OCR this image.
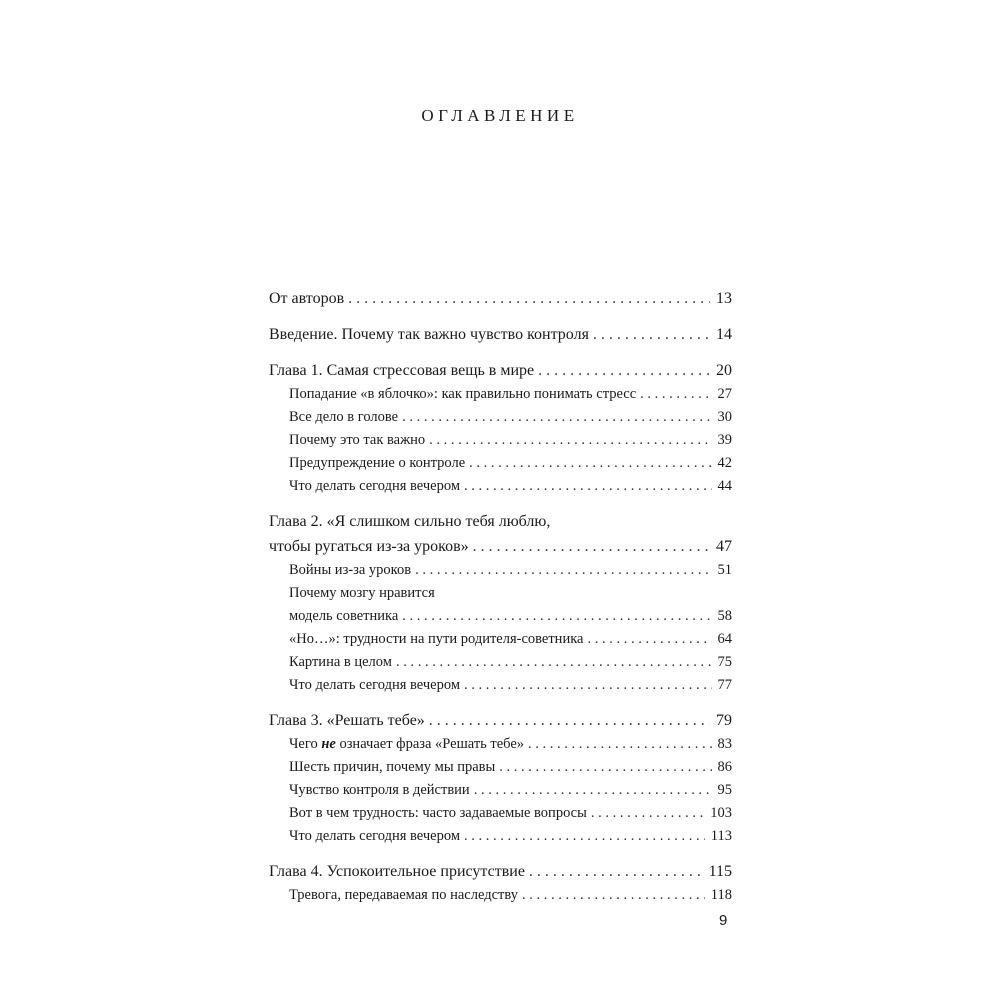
ОГЛАВЛЕНИЕ
От авторов . . .	13
Введение. Почему так важно чувство контроля . . .	14
Глава 1. Самая стрессовая вещь в мире . . .	20
Попадание «в яблочко»: как правильно понимать стресс . . .	27
Все дело в голове . . .	30
Почему это так важно . . .	39
Предупреждение о контроле . . .	42
Что делать сегодня вечером . . .	44
Глава 2. «Я слишком сильно тебя люблю,
чтобы ругаться из-за уроков» . . .	47
Войны из-за уроков . . .	51
Почему мозгу нравится
модель советника . . .	58
«Но…»: трудности на пути родителя-советника . . .	64
Картина в целом . . .	75
Что делать сегодня вечером . . .	77
Глава 3. «Решать тебе» . . .	79
Чего не означает фраза «Решать тебе» . . .	83
Шесть причин, почему мы правы . . .	86
Чувство контроля в действии . . .	95
Вот в чем трудность: часто задаваемые вопросы . . .	103
Что делать сегодня вечером . . .	113
Глава 4. Успокоительное присутствие . . .	115
Тревога, передаваемая по наследству . . .	118
9
